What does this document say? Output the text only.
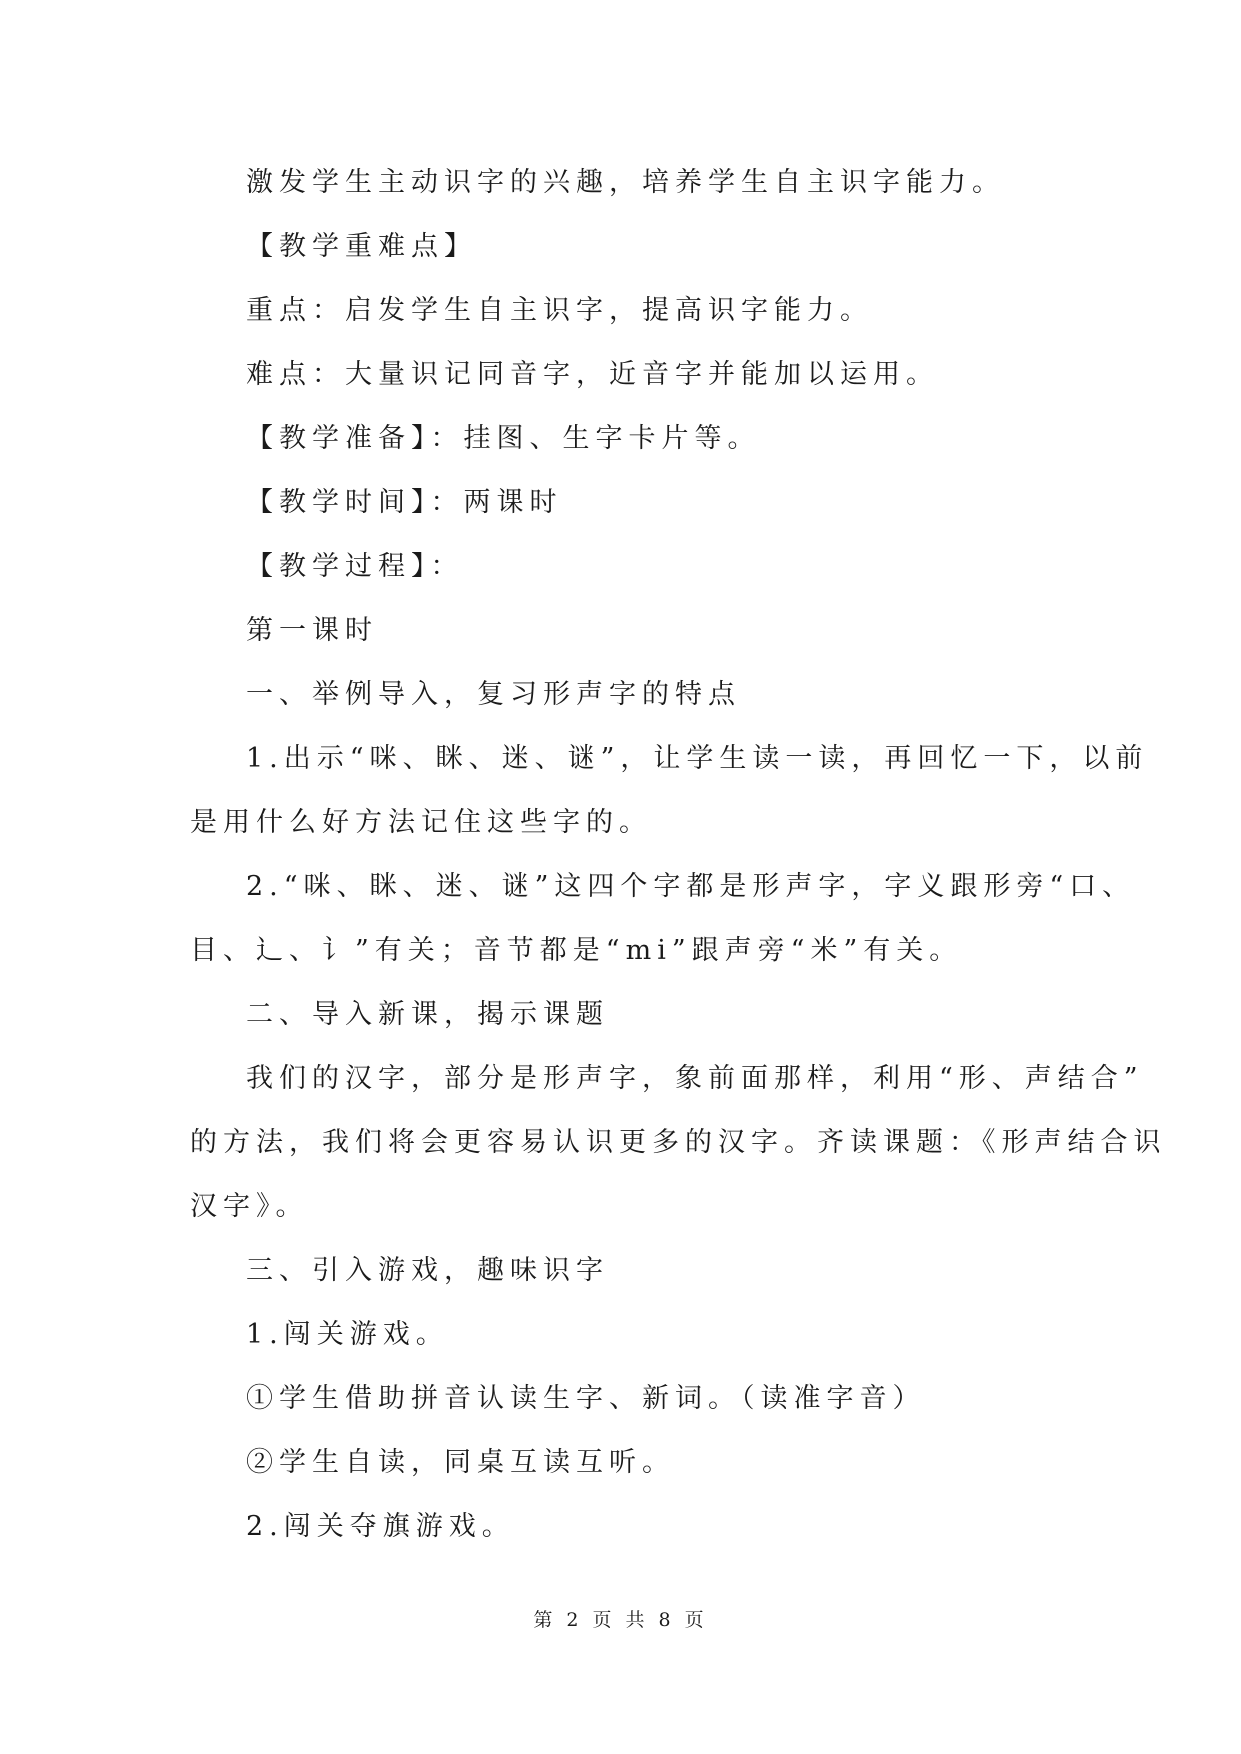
激发学生主动识字的兴趣，培养学生自主识字能力。
【教学重难点】
重点：启发学生自主识字，提高识字能力。
难点：大量识记同音字，近音字并能加以运用。
【教学准备】：挂图、生字卡片等。
【教学时间】：两课时
【教学过程】：
第一课时
一、举例导入，复习形声字的特点
1.出示“咪、眯、迷、谜”，让学生读一读，再回忆一下，以前
是用什么好方法记住这些字的。
2.“咪、眯、迷、谜”这四个字都是形声字，字义跟形旁“口、
目、辶、讠”有关；音节都是“mi”跟声旁“米”有关。
二、导入新课，揭示课题
我们的汉字，部分是形声字，象前面那样，利用“形、声结合”
的方法，我们将会更容易认识更多的汉字。齐读课题：《形声结合识
汉字》。
三、引入游戏，趣味识字
1.闯关游戏。
①学生借助拼音认读生字、新词。（读准字音）
②学生自读，同桌互读互听。
2.闯关夺旗游戏。
第 2 页 共 8 页
